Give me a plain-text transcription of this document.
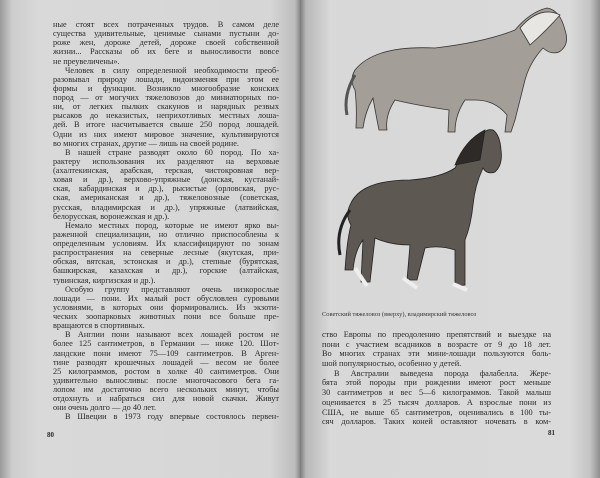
ные стоят всех потраченных трудов. В самом деле
существа удивительные, ценимые сынами пустыни до-
роже жен, дороже детей, дороже своей собственной
жизни... Рассказы об их беге и выносливости вовсе
не преувеличены».
Человек в силу определенной необходимости преоб-
разовывал природу лошади, видоизменяя при этом ее
формы и функции. Возникло многообразие конских
пород — от могучих тяжеловозов до миниатюрных по-
ни, от легких пылких скакунов и нарядных резвых
рысаков до неказистых, неприхотливых местных лоша-
дей. В итоге насчитывается свыше 250 пород лошадей.
Одни из них имеют мировое значение, культивируются
во многих странах, другие — лишь на своей родине.
В нашей стране разводят около 60 пород. По ха-
рактеру использования их разделяют на верховые
(ахалтекинская, арабская, терская, чистокровная вер-
ховая и др.), верхово-упряжные (донская, кустанай-
ская, кабардинская и др.), рысистые (орловская, рус-
ская, американская и др.), тяжеловозные (советская,
русская, владимирская и др.), упряжные (латвийская,
белорусская, воронежская и др.).
Немало местных пород, которые не имеют ярко вы-
раженной специализации, но отлично приспособлены к
определенным условиям. Их классифицируют по зонам
распространения на северные лесные (якутская, при-
обская, вятская, эстонская и др.), степные (бурятская,
башкирская, казахская и др.), горские (алтайская,
тувинская, киргизская и др.).
Особую группу представляют очень низкорослые
лошади — пони. Их малый рост обусловлен суровыми
условиями, в которых они формировались. Из экзоти-
ческих зоопарковых животных пони все больше пре-
вращаются в спортивных.
В Англии пони называют всех лошадей ростом не
более 125 сантиметров, в Германии — ниже 120. Шот-
ландские пони имеют 75—109 сантиметров. В Арген-
тине разводят крошечных лошадей — весом не более
25 килограммов, ростом в холке 40 сантиметров. Они
удивительно выносливы: после многочасового бега га-
лопом им достаточно всего нескольких минут, чтобы
отдохнуть и набраться сил для новой скачки. Живут
они очень долго — до 40 лет.
В Швеции в 1973 году впервые состоялось первен-
80
Советский тяжеловоз (вверху), владимирский тяжеловоз
ство Европы по преодолению препятствий и выездке на
пони с участием всадников в возрасте от 9 до 18 лет.
Во многих странах эти мини-лошади пользуются боль-
шой популярностью, особенно у детей.
В Австралии выведена порода фалабелла. Жере-
бята этой породы при рождении имеют рост меньше
30 сантиметров и вес 5—6 килограммов. Такой малыш
оценивается в 25 тысяч долларов. А взрослые пони из
США, не выше 65 сантиметров, оценивались в 100 ты-
сяч долларов. Таких коней оставляют ночевать в ком-
81
